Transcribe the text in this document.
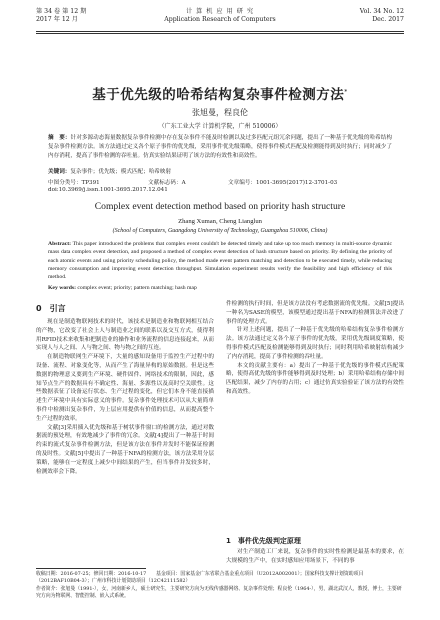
第 34 卷 第 12 期
2017 年 12 月
计 算 机 应 用 研 究
Application Research of Computers
Vol. 34 No. 12
Dec. 2017
基于优先级的哈希结构复杂事件检测方法*
张旭曼，程良伦
（广东工业大学 计算机学院，广州 510006）
摘　要：针对多源动态海量数据复杂事件检测中存在复杂事件不能及时检测以及过多匹配元组冗余问题，提出了一种基于优先级的哈希结构复杂事件检测方法。该方法通过定义各个原子事件的优先级，采用事件优先级策略，使得事件模式匹配及检测能得到及时执行；同时减少了内存消耗，提高了事件检测的吞吐量。仿真实验结果证明了该方法的有效性和高效性。
关键词：复杂事件；优先级；模式匹配；哈希映射
中图分类号：TP391	文献标志码：A	文章编号：1001-3695(2017)12-3701-03
doi:10.3969/j.issn.1001-3695.2017.12.041
Complex event detection method based on priority hash structure
Zhang Xuman, Cheng Lianglun
(School of Computers, Guangdong University of Technology, Guangzhou 510006, China)
Abstract: This paper introduced the problems that complex event couldn't be detected timely and take up too much memory in multi-source dynamic mass data complex event detection, and proposed a method of complex event detection of hash structure based on priority. By defining the priority of each atomic events and using priority scheduling policy, the method made event pattern matching and detection to be executed timely, while reducing memory consumption and improving event detection throughput. Simulation experiment results verify the feasibility and high efficiency of this method.
Key words: complex event; priority; pattern matching; hash map
0　引言

现在是制造物联网技术的时代，该技术是制造业和物联网相互结合的产物，它改变了社会上人与制造业之间的联系以及交互方式，使得利用RFID技术来收集和把制造业的操作和业务流程的信息连接起来，从而实现人与人之间、人与物之间、物与物之间的互连。

在制造物联网生产环境下，大量的感知设备用于监控生产过程中的设备、流程、对象变化等，从而产生了海量异构的原始数据。但是这些数据的物理意义要到生产环境、硬件固件、网络技术的限制，因此，感知节点生产的数据具有不确定性、海量、多源性以及高时空关联性。这些数据表征了设备运行状态、生产过程的变化，但它们本身不能直接描述生产环境中具有实际意义的事件。复杂事件处理技术可以从大量简单事件中检测出复杂事件，为上层应用提供有价值的信息，从而提高整个生产过程的效率。

文献[3]采用插入优先级和基于树状事件窗口的检测方法，通过对数据流的预处理，有效地减少了事件的冗余。文献[4]提出了一种基于时间约束的流式复杂事件检测方法，但是该方法在事件并发时不能保证检测的及时性。文献[5]中提出了一种基于NFA的检测方法，该方法采用分层策略，能够在一定程度上减少中间结果的产生，但当事件并发较多时，检测效率会下降。

件检测的执行时间，但是该方法没有考虑数据流的优先级。文献[5]提出一种名为SASE的模型，该模型通过提出基于NFA的检测算法并改进了事件的处理方式。

针对上述问题，提出了一种基于优先级的哈希结构复杂事件检测方法。该方法通过定义各个原子事件的优先级，采用优先级调度策略，使得事件模式匹配及检测能够得到及时执行；同时利用哈希映射结构减少了内存消耗，提高了事件检测的吞吐量。

本文的贡献主要有：a）提出了一种基于优先级的事件模式匹配策略，使得高优先级的事件能够得到及时处理；b）采用哈希结构存储中间匹配结果，减少了内存的占用；c）通过仿真实验验证了该方法的有效性和高效性。

1　事件优先级判定原理

对生产制造工厂来说，复杂事件的实时性检测是最基本的要求，在大规模的生产中，在实时感知应用场景下，不同的事

收稿日期：2016-07-25；修回日期：2016-10-17　　基金项目：国家基金广东省联合基金重点项目（U2012A002001）；国家科技支撑计划资助项目（2012BAF10B04-3）；广州市科技计划资助项目（12C42111582）

作者简介：张旭曼（1991-），女，河南新乡人，硕士研究生，主要研究方向为无线传感器网络、复杂事件处理；程良伦（1964-），男，湖北武汉人，教授，博士，主要研究方向为物联网、智能控制、嵌入式系统。
